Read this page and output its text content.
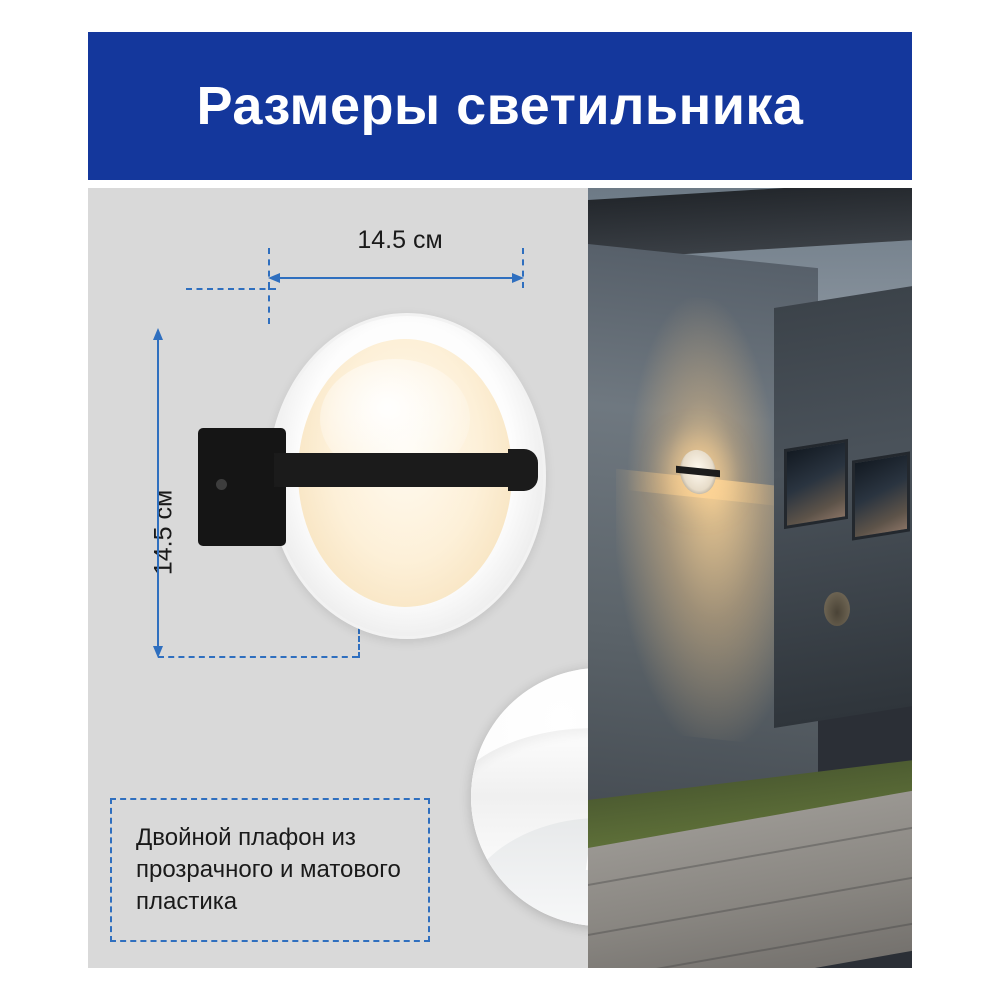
Размеры светильника
14.5 см
14.5 см
Двойной плафон из прозрачного и матового пластика
